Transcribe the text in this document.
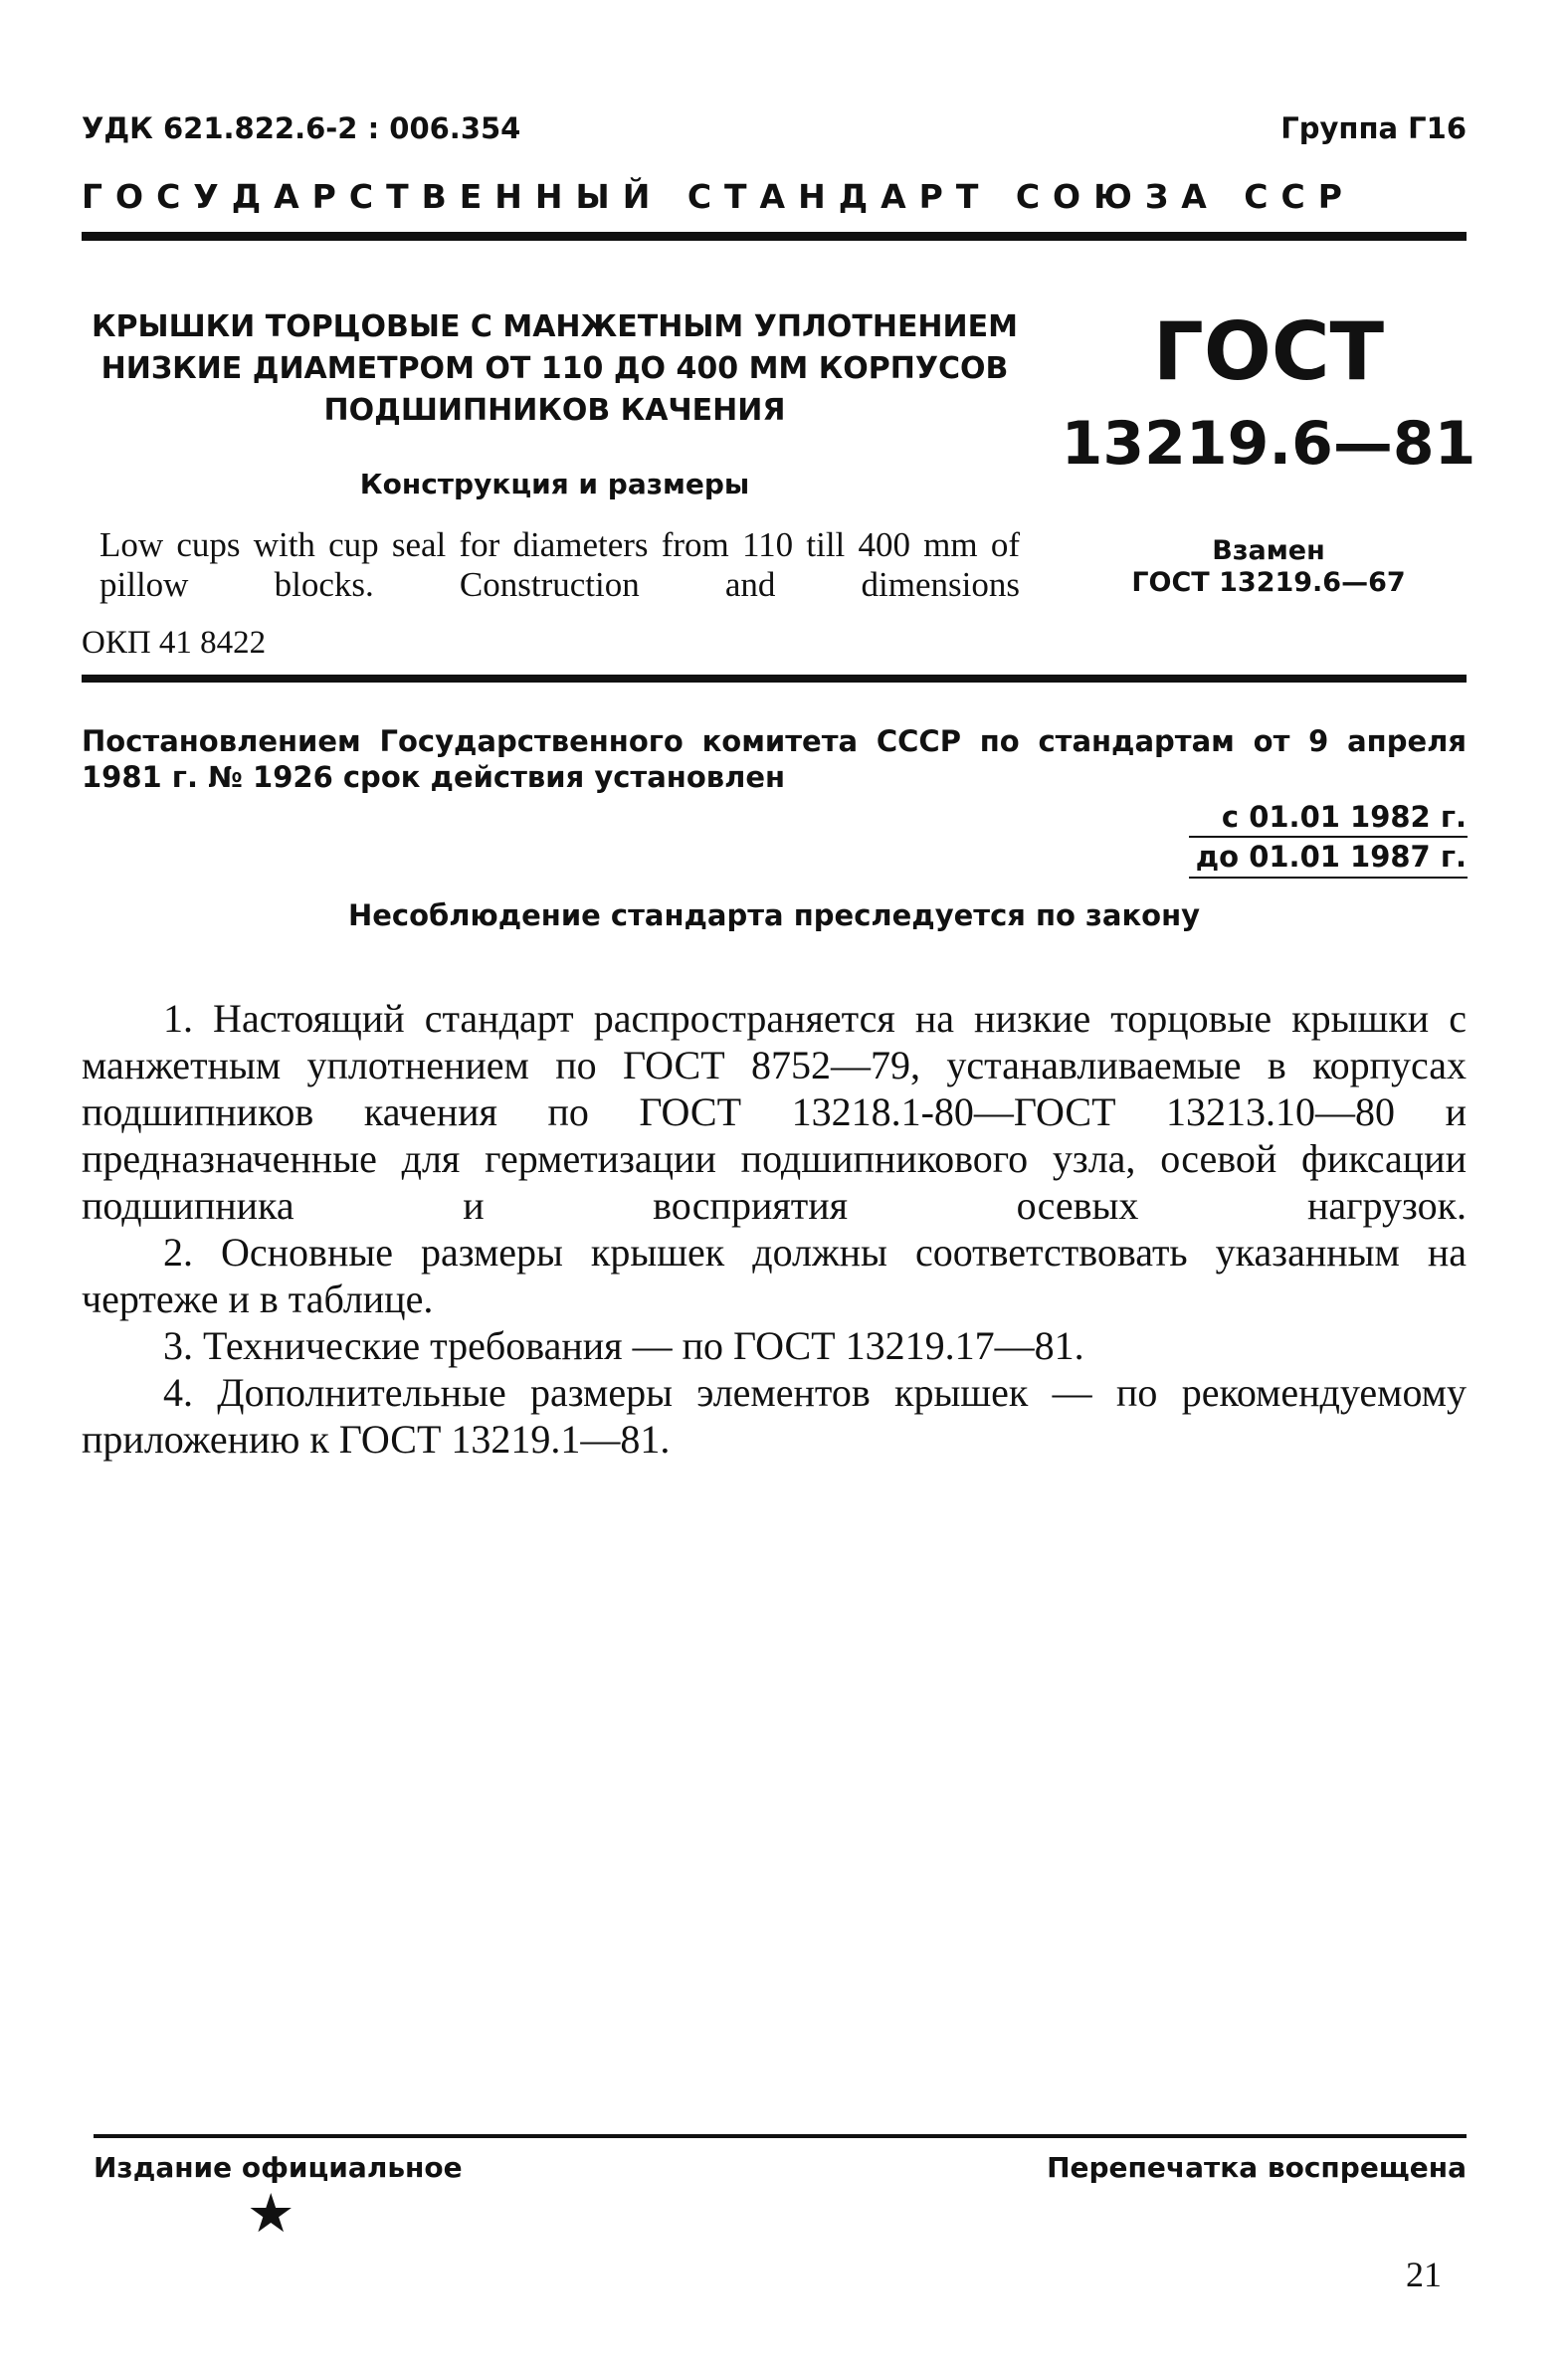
УДК 621.822.6-2 : 006.354	Группа Г16
ГОСУДАРСТВЕННЫЙ СТАНДАРТ СОЮЗА ССР
КРЫШКИ ТОРЦОВЫЕ С МАНЖЕТНЫМ УПЛОТНЕНИЕМ
НИЗКИЕ ДИАМЕТРОМ ОТ 110 ДО 400 ММ КОРПУСОВ
ПОДШИПНИКОВ КАЧЕНИЯ
Конструкция и размеры
Low cups with cup seal for diameters from 110 till 400 mm of pillow blocks. Construction and dimensions
ОКП 41 8422
ГОСТ
13219.6—81
Взамен
ГОСТ 13219.6—67
Постановлением Государственного комитета СССР по стандартам от 9 апреля 1981 г. № 1926 срок действия установлен
с 01.01 1982 г.
до 01.01 1987 г.
Несоблюдение стандарта преследуется по закону

1. Настоящий стандарт распространяется на низкие торцовые крышки с манжетным уплотнением по ГОСТ 8752—79, устанавливаемые в корпусах подшипников качения по ГОСТ 13218.1-80—ГОСТ 13213.10—80 и предназначенные для герметизации подшипникового узла, осевой фиксации подшипника и восприятия осевых нагрузок.

2. Основные размеры крышек должны соответствовать указанным на чертеже и в таблице.

3. Технические требования — по ГОСТ 13219.17—81.

4. Дополнительные размеры элементов крышек — по рекомендуемому приложению к ГОСТ 13219.1—81.

Издание официальное	Перепечатка воспрещена
★
21
